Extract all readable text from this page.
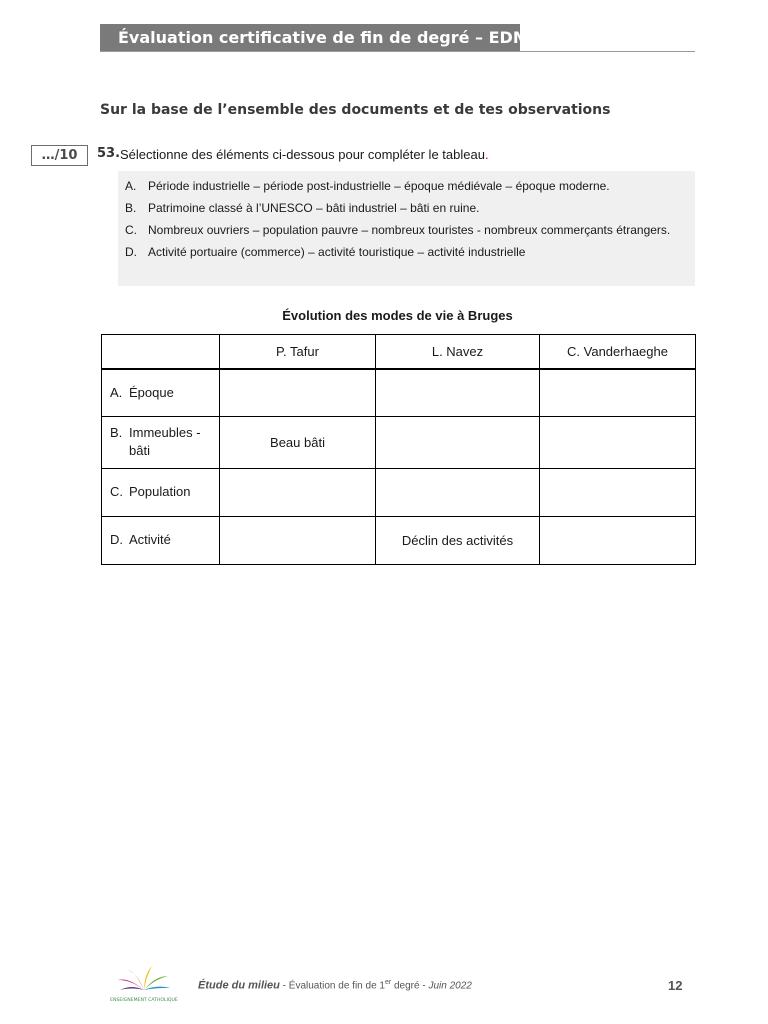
Évaluation certificative de fin de degré – EDM
Sur la base de l’ensemble des documents et de tes observations
…/10	53. Sélectionne des éléments ci-dessous pour compléter le tableau.
A. Période industrielle – période post-industrielle – époque médiévale – époque moderne.
B. Patrimoine classé à l’UNESCO – bâti industriel – bâti en ruine.
C. Nombreux ouvriers – population pauvre – nombreux touristes - nombreux commerçants étrangers.
D. Activité portuaire (commerce) – activité touristique – activité industrielle
Évolution des modes de vie à Bruges
	P. Tafur	L. Navez	C. Vanderhaeghe

A. Époque			

B. Immeubles - bâti	Beau bâti		

C. Population			

D. Activité		Déclin des activités	
ENSEIGNEMENT CATHOLIQUE
Étude du milieu - Évaluation de fin de 1er degré - Juin 2022	12
